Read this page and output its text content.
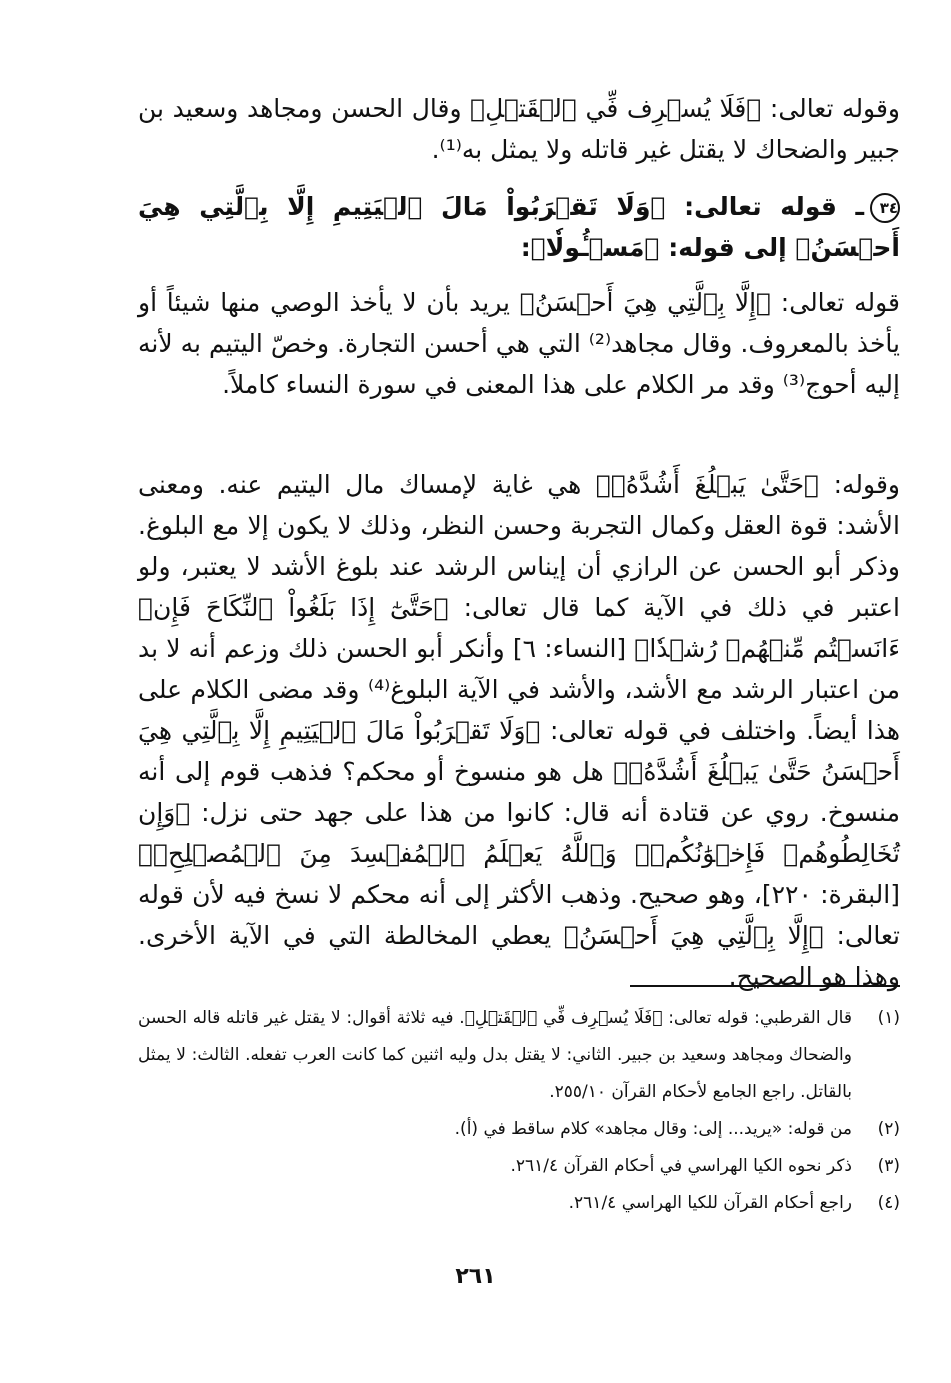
وقوله تعالى: ﴿فَلَا يُسۡرِف فِّي ٱلۡقَتۡلِ﴾ وقال الحسن ومجاهد وسعيد بن جبير والضحاك لا يقتل غير قاتله ولا يمثل به⁽¹⁾.

٣٤ـ قوله تعالى: ﴿وَلَا تَقۡرَبُواْ مَالَ ٱلۡيَتِيمِ إِلَّا بِٱلَّتِي هِيَ أَحۡسَنُ﴾ إلى قوله: ﴿مَسۡـُٔولٗا﴾:

قوله تعالى: ﴿إِلَّا بِٱلَّتِي هِيَ أَحۡسَنُ﴾ يريد بأن لا يأخذ الوصي منها شيئاً أو يأخذ بالمعروف. وقال مجاهد⁽²⁾ التي هي أحسن التجارة. وخصّ اليتيم به لأنه إليه أحوج⁽³⁾ وقد مر الكلام على هذا المعنى في سورة النساء كاملاً.

وقوله: ﴿حَتَّىٰ يَبۡلُغَ أَشُدَّهُۥ﴾ هي غاية لإمساك مال اليتيم عنه. ومعنى الأشد: قوة العقل وكمال التجربة وحسن النظر، وذلك لا يكون إلا مع البلوغ. وذكر أبو الحسن عن الرازي أن إيناس الرشد عند بلوغ الأشد لا يعتبر، ولو اعتبر في ذلك في الآية كما قال تعالى: ﴿حَتَّىٰٓ إِذَا بَلَغُواْ ٱلنِّكَاحَ فَإِنۡ ءَانَسۡتُم مِّنۡهُمۡ رُشۡدٗا﴾ [النساء: ٦] وأنكر أبو الحسن ذلك وزعم أنه لا بد من اعتبار الرشد مع الأشد، والأشد في الآية البلوغ⁽⁴⁾ وقد مضى الكلام على هذا أيضاً. واختلف في قوله تعالى: ﴿وَلَا تَقۡرَبُواْ مَالَ ٱلۡيَتِيمِ إِلَّا بِٱلَّتِي هِيَ أَحۡسَنُ حَتَّىٰ يَبۡلُغَ أَشُدَّهُۥ﴾ هل هو منسوخ أو محكم؟ فذهب قوم إلى أنه منسوخ. روي عن قتادة أنه قال: كانوا من هذا على جهد حتى نزل: ﴿وَإِن تُخَالِطُوهُمۡ فَإِخۡوَٰنُكُمۡۚ وَٱللَّهُ يَعۡلَمُ ٱلۡمُفۡسِدَ مِنَ ٱلۡمُصۡلِحِۚ﴾ [البقرة: ٢٢٠]، وهو صحيح. وذهب الأكثر إلى أنه محكم لا نسخ فيه لأن قوله تعالى: ﴿إِلَّا بِٱلَّتِي هِيَ أَحۡسَنُ﴾ يعطي المخالطة التي في الآية الأخرى. وهذا هو الصحيح.

(١)
قال القرطبي: قوله تعالى: ﴿فَلَا يُسۡرِف فِّي ٱلۡقَتۡلِ﴾. فيه ثلاثة أقوال: لا يقتل غير قاتله قاله الحسن والضحاك ومجاهد وسعيد بن جبير. الثاني: لا يقتل بدل وليه اثنين كما كانت العرب تفعله. الثالث: لا يمثل بالقاتل. راجع الجامع لأحكام القرآن ٢٥٥/١٠.
(٢)
من قوله: «يريد... إلى: وقال مجاهد» كلام ساقط في (أ).
(٣)
ذكر نحوه الكيا الهراسي في أحكام القرآن ٢٦١/٤.
(٤)
راجع أحكام القرآن للكيا الهراسي ٢٦١/٤.
٢٦١
